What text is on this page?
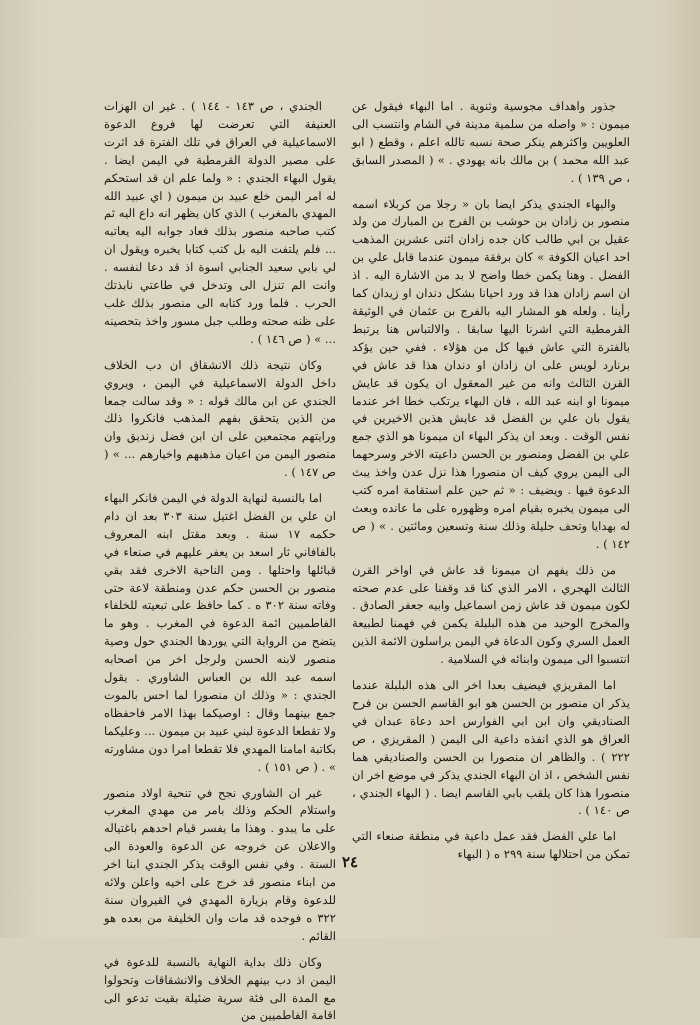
جذور واهداف مجوسية وثنوية . اما البهاء فيقول عن ميمون : « واصله من سلمية مدينة في الشام وانتسب الى العلويين واكثرهم ينكر صحة نسبه تالله اعلم ، وقطع ( ابو عبد الله محمد ) بن مالك بانه يهودي . » ( المصدر السابق ، ص ١٣٩ ) .

والبهاء الجندي يذكر ايضا بان « رجلا من كربلاء اسمه منصور بن زادان بن حوشب بن الفرج بن المبارك من ولد عقيل بن ابي طالب كان جده زادان اثنى عشرين المذهب احد اعيان الكوفة » كان برفقة ميمون عندما قابل علي بن الفضل . وهنا يكمن خطا واضح لا بد من الاشارة اليه . اذ ان اسم زادان هذا قد ورد احيانا بشكل دندان او زيدان كما رأينا . ولعله هو المشار اليه بالفرج بن عثمان في الوثيقة القرمطية التي اشرنا اليها سابقا . والالتباس هنا يرتبط بالفترة التي عاش فيها كل من هؤلاء . ففي حين يؤكد برنارد لويس على ان زادان او دندان هذا قد عاش في القرن الثالث وانه من غير المعقول ان يكون قد عايش ميمونا او ابنه عبد الله ، فان البهاء يرتكب خطا اخر عندما يقول بان علي بن الفضل قد عايش هذين الاخيرين في نفس الوقت . وبعد ان يذكر البهاء ان ميمونا هو الذي جمع علي بن الفضل ومنصور بن الحسن داعيته الاخر وسرحهما الى اليمن يروي كيف ان منصورا هذا نزل عدن واخذ يبث الدعوة فيها . ويضيف : « ثم حين علم استقامة امره كتب الى ميمون يخبره بقيام امره وظهوره على ما عانده وبعث له بهدايا وتحف جليلة وذلك سنة وتسعين ومائتين . » ( ص ١٤٢ ) .

من ذلك يفهم ان ميمونا قد عاش في اواخر القرن الثالث الهجري ، الامر الذي كنا قد وقفنا على عدم صحته لكون ميمون قد عاش زمن اسماعيل وابيه جعفر الصادق . والمخرج الوحيد من هذه البلبلة يكمن في فهمنا لطبيعة العمل السري وكون الدعاة في اليمن يراسلون الائمة الذين انتسبوا الى ميمون وابنائه في السلامية .

اما المقريزي فيضيف بعدا اخر الى هذه البلبلة عندما يذكر ان منصور بن الحسن هو ابو القاسم الحسن بن فرح الصناديقي وان ابن ابي الفوارس احد دعاة عبدان في العراق هو الذي انفذه داعية الى اليمن ( المقريزي ، ص ٢٢٢ ) . والظاهر ان منصورا بن الحسن والصناديقي هما نفس الشخص ، اذ ان البهاء الجندي يذكر في موضع اخر ان منصورا هذا كان يلقب بابي القاسم ايضا . ( البهاء الجندي ، ص ١٤٠ ) .

اما علي الفضل فقد عمل داعية في منطقة صنعاء التي تمكن من احتلالها سنة ٢٩٩ ه ( البهاء

الجندي ، ص ١٤٣ - ١٤٤ ) . غير ان الهزات العنيفة التي تعرضت لها فروع الدعوة الاسماعيلية في العراق في تلك الفترة قد اثرت على مصير الدولة القرمطية في اليمن ايضا . يقول البهاء الجندي : « ولما علم ان قد استحكم له امر اليمن خلع عبيد بن ميمون ( اي عبيد الله المهدي بالمغرب ) الذي كان يظهر انه داع اليه ثم كتب صاحبه منصور بذلك فعاد جوابه اليه يعاتبه ... فلم يلتفت اليه بل كتب كتابا يخبره ويقول ان لي بابي سعيد الجنابي اسوة اذ قد دعا لنفسه . وانت الم تنزل الى وتدخل في طاعتي نابذتك الحرب . فلما ورد كتابه الى منصور بذلك غلب على ظنه صحته وطلب جبل مسور واخذ بتحصينه ... » ( ص ١٤٦ ) .

وكان نتيجة ذلك الانشقاق ان دب الخلاف داخل الدولة الاسماعيلية في اليمن ، ويروي الجندي عن ابن مالك قوله : « وقد سالت جمعا من الذين يتحقق بفهم المذهب فانكروا ذلك ورايتهم مجتمعين على ان ابن فضل زنديق وان منصور اليمن من اعيان مذهبهم واخيارهم ... » ( ص ١٤٧ ) .

اما بالنسبة لنهاية الدولة في اليمن فانكر البهاء ان علي بن الفضل اغتيل سنة ٣٠٣ بعد ان دام حكمه ١٧ سنة . وبعد مقتل ابنه المعروف بالفافاني ثار اسعد بن يعفر عليهم في صنعاء في قبائلها واحتلها . ومن الناحية الاخرى فقد بقي منصور بن الحسن حكم عدن ومنطقة لاعة حتى وفاته سنة ٣٠٢ ه . كما حافظ على تبعيته للخلفاء الفاطميين ائمة الدعوة في المغرب . وهو ما يتضح من الرواية التي يوردها الجندي حول وصية منصور لابنه الحسن ولرجل اخر من اصحابه اسمه عبد الله بن العباس الشاوري . يقول الجندي : « وذلك ان منصورا لما احس بالموت جمع بينهما وقال : اوصيكما بهذا الامر فاحفظاه ولا تقطعا الدعوة لبني عبيد بن ميمون ... وعليكما بكاتبة امامنا المهدي فلا تقطعا امرا دون مشاورته » . ( ص ١٥١ ) .

غير ان الشاوري نجح في تنحية اولاد منصور واستلام الحكم وذلك بامر من مهدي المغرب على ما يبدو . وهذا ما يفسر قيام احدهم باغتياله والاعلان عن خروجه عن الدعوة والعودة الى السنة . وفي نفس الوقت يذكر الجندي ابنا اخر من ابناء منصور قد خرج على اخيه واعلن ولائه للدعوة وقام بزيارة المهدي في القيروان سنة ٣٢٢ ه فوجده قد مات وان الخليفة من بعده هو القائم .

وكان ذلك بداية النهاية بالنسبة للدعوة في اليمن اذ دب بينهم الخلاف والانشقاقات وتحولوا مع المدة الى فئة سرية ضئيلة بقيت تدعو الى اقامة الفاطميين من

٢٤
